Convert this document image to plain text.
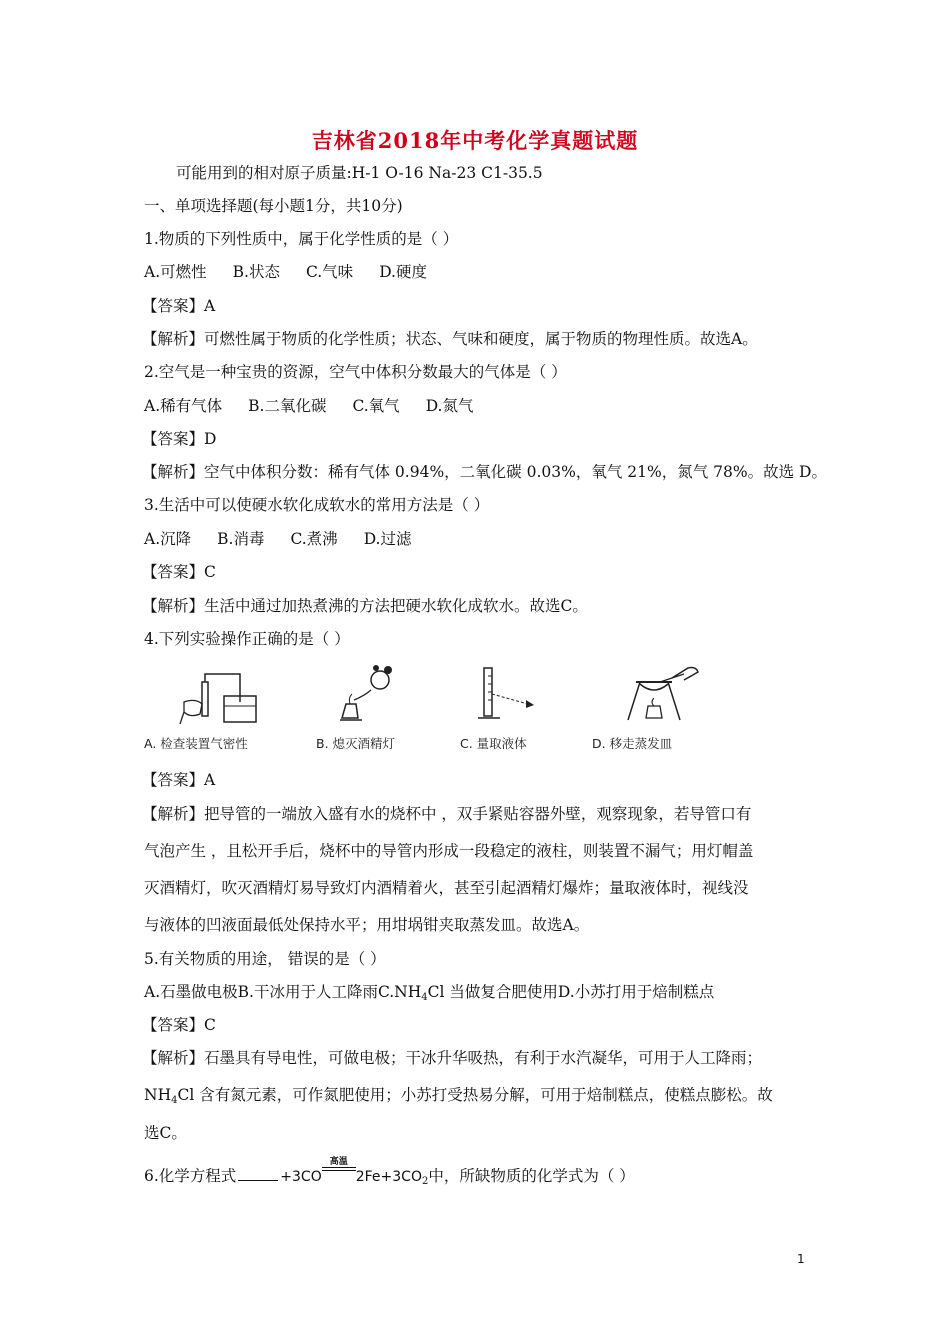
吉林省2018年中考化学真题试题
可能用到的相对原子质量:H-1 O-16 Na-23 C1-35.5
一、单项选择题(每小题1分，共10分)
1.物质的下列性质中，属于化学性质的是（ ）
A.可燃性 B.状态 C.气味 D.硬度
【答案】A
【解析】可燃性属于物质的化学性质；状态、气味和硬度，属于物质的物理性质。故选A。
2.空气是一种宝贵的资源，空气中体积分数最大的气体是（ ）
A.稀有气体 B.二氧化碳 C.氧气 D.氮气
【答案】D
【解析】空气中体积分数：稀有气体 0.94%，二氧化碳 0.03%，氧气 21%，氮气 78%。故选 D。
3.生活中可以使硬水软化成软水的常用方法是（ ）
A.沉降 B.消毒 C.煮沸 D.过滤
【答案】C
【解析】生活中通过加热煮沸的方法把硬水软化成软水。故选C。
4.下列实验操作正确的是（ ）
A. 检查装置气密性	B. 熄灭酒精灯	C. 量取液体	D. 移走蒸发皿
【答案】A
【解析】把导管的一端放入盛有水的烧杯中 ，双手紧贴容器外壁，观察现象，若导管口有
气泡产生 ，且松开手后，烧杯中的导管内形成一段稳定的液柱，则装置不漏气；用灯帽盖
灭酒精灯，吹灭酒精灯易导致灯内酒精着火，甚至引起酒精灯爆炸；量取液体时，视线没
与液体的凹液面最低处保持水平；用坩埚钳夹取蒸发皿。故选A。
5.有关物质的用途， 错误的是（ ）
A.石墨做电极B.干冰用于人工降雨$C.NH_4Cl$ 当做复合肥使用D.小苏打用于焙制糕点
【答案】C
【解析】石墨具有导电性，可做电极；干冰升华吸热，有利于水汽凝华，可用于人工降雨；
$NH_4Cl$ 含有氮元素，可作氮肥使用；小苏打受热易分解，可用于焙制糕点，使糕点膨松。故
选C。
6.化学方程式	+3CO
高温
$2Fe+3CO_2$中，所缺物质的化学式为（ ）
1
